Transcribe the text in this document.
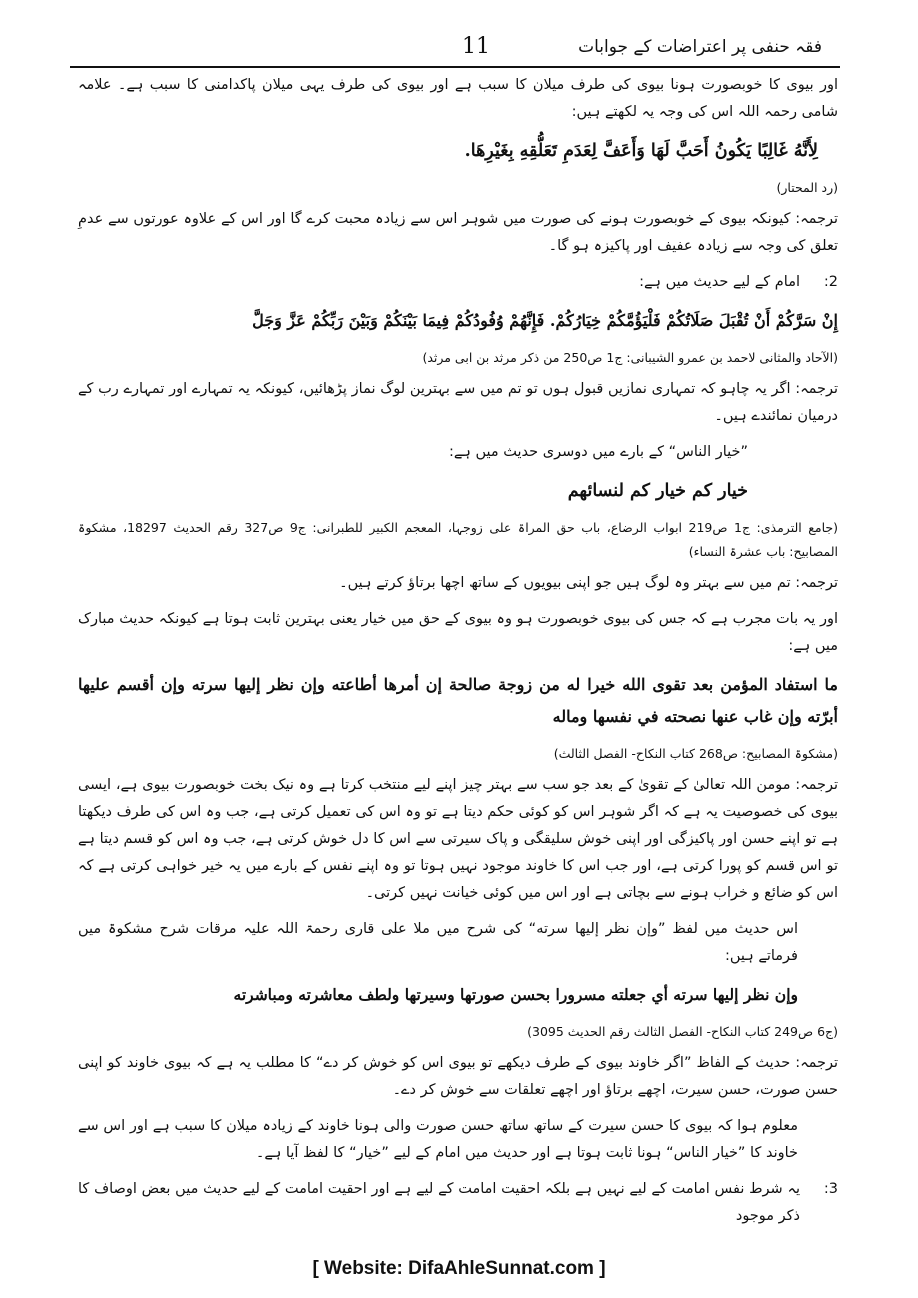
فقہ حنفی پر اعتراضات کے جوابات
11

اور بیوی کا خوبصورت ہونا بیوی کی طرف میلان کا سبب ہے اور بیوی کی طرف یہی میلان پاکدامنی کا سبب ہے۔ علامہ شامی رحمہ اللہ اس کی وجہ یہ لکھتے ہیں:

لِأَنَّهُ غَالِبًا يَكُونُ أَحَبَّ لَهَا وَأَعَفَّ لِعَدَمِ تَعَلُّقِهِ بِغَيْرِهَا.

(رد المحتار)

ترجمہ: کیونکہ بیوی کے خوبصورت ہونے کی صورت میں شوہر اس سے زیادہ محبت کرے گا اور اس کے علاوہ عورتوں سے عدمِ تعلق کی وجہ سے زیادہ عفیف اور پاکیزہ ہو گا۔

2:
امام کے لیے حدیث میں ہے:

إِنْ سَرَّكُمْ أَنْ تُقْبَلَ صَلَاتُكُمْ فَلْيَؤُمَّكُمْ خِيَارُكُمْ. فَإِنَّهُمْ وُفُودُكُمْ فِيمَا بَيْنَكُمْ وَبَيْنَ رَبِّكُمْ عَزَّ وَجَلَّ

(الآحاد والمثانی لاحمد بن عمرو الشیبانی: ج1 ص250 من ذکر مرثد بن ابی مرثد)

ترجمہ: اگر یہ چاہو کہ تمہاری نمازیں قبول ہوں تو تم میں سے بہترین لوگ نماز پڑھائیں، کیونکہ یہ تمہارے اور تمہارے رب کے درمیان نمائندے ہیں۔

”خیار الناس“ کے بارے میں دوسری حدیث میں ہے:

خيار كم خيار كم لنسائهم

(جامع الترمذی: ج1 ص219 ابواب الرضاع، باب حق المراۃ علی زوجہا، المعجم الکبیر للطبرانی: ج9 ص327 رقم الحدیث 18297، مشکوۃ المصابیح: باب عشرۃ النساء)

ترجمہ: تم میں سے بہتر وہ لوگ ہیں جو اپنی بیویوں کے ساتھ اچھا برتاؤ کرتے ہیں۔

اور یہ بات مجرب ہے کہ جس کی بیوی خوبصورت ہو وہ بیوی کے حق میں خیار یعنی بہترین ثابت ہوتا ہے کیونکہ حدیث مبارک میں ہے:

ما استفاد المؤمن بعد تقوى الله خيرا له من زوجة صالحة إن أمرها أطاعته وإن نظر إليها سرته وإن أقسم عليها أبرّته وإن غاب عنها نصحته في نفسها وماله

(مشکوۃ المصابیح: ص268 کتاب النکاح- الفصل الثالث)

ترجمہ: مومن اللہ تعالیٰ کے تقویٰ کے بعد جو سب سے بہتر چیز اپنے لیے منتخب کرتا ہے وہ نیک بخت خوبصورت بیوی ہے، ایسی بیوی کی خصوصیت یہ ہے کہ اگر شوہر اس کو کوئی حکم دیتا ہے تو وہ اس کی تعمیل کرتی ہے، جب وہ اس کی طرف دیکھتا ہے تو اپنے حسن اور پاکیزگی اور اپنی خوش سلیقگی و پاک سیرتی سے اس کا دل خوش کرتی ہے، جب وہ اس کو قسم دیتا ہے تو اس قسم کو پورا کرتی ہے، اور جب اس کا خاوند موجود نہیں ہوتا تو وہ اپنے نفس کے بارے میں یہ خیر خواہی کرتی ہے کہ اس کو ضائع و خراب ہونے سے بچاتی ہے اور اس میں کوئی خیانت نہیں کرتی۔

اس حدیث میں لفظ ”وإن نظر إليها سرته“ کی شرح میں ملا علی قاری رحمۃ اللہ علیہ مرقات شرح مشکوۃ میں فرماتے ہیں:

وإن نظر إليها سرته أي جعلته مسرورا بحسن صورتها وسيرتها ولطف معاشرته ومباشرته

(ج6 ص249 کتاب النکاح- الفصل الثالث رقم الحدیث 3095)

ترجمہ: حدیث کے الفاظ ”اگر خاوند بیوی کے طرف دیکھے تو بیوی اس کو خوش کر دے“ کا مطلب یہ ہے کہ بیوی خاوند کو اپنی حسن صورت، حسن سیرت، اچھے برتاؤ اور اچھے تعلقات سے خوش کر دے۔

معلوم ہوا کہ بیوی کا حسن سیرت کے ساتھ ساتھ حسن صورت والی ہونا خاوند کے زیادہ میلان کا سبب ہے اور اس سے خاوند کا ”خیار الناس“ ہونا ثابت ہوتا ہے اور حدیث میں امام کے لیے ”خیار“ کا لفظ آیا ہے۔

3:
یہ شرط نفس امامت کے لیے نہیں ہے بلکہ احقیت امامت کے لیے ہے اور احقیت امامت کے لیے حدیث میں بعض اوصاف کا ذکر موجود
[ Website: DifaAhleSunnat.com ]
